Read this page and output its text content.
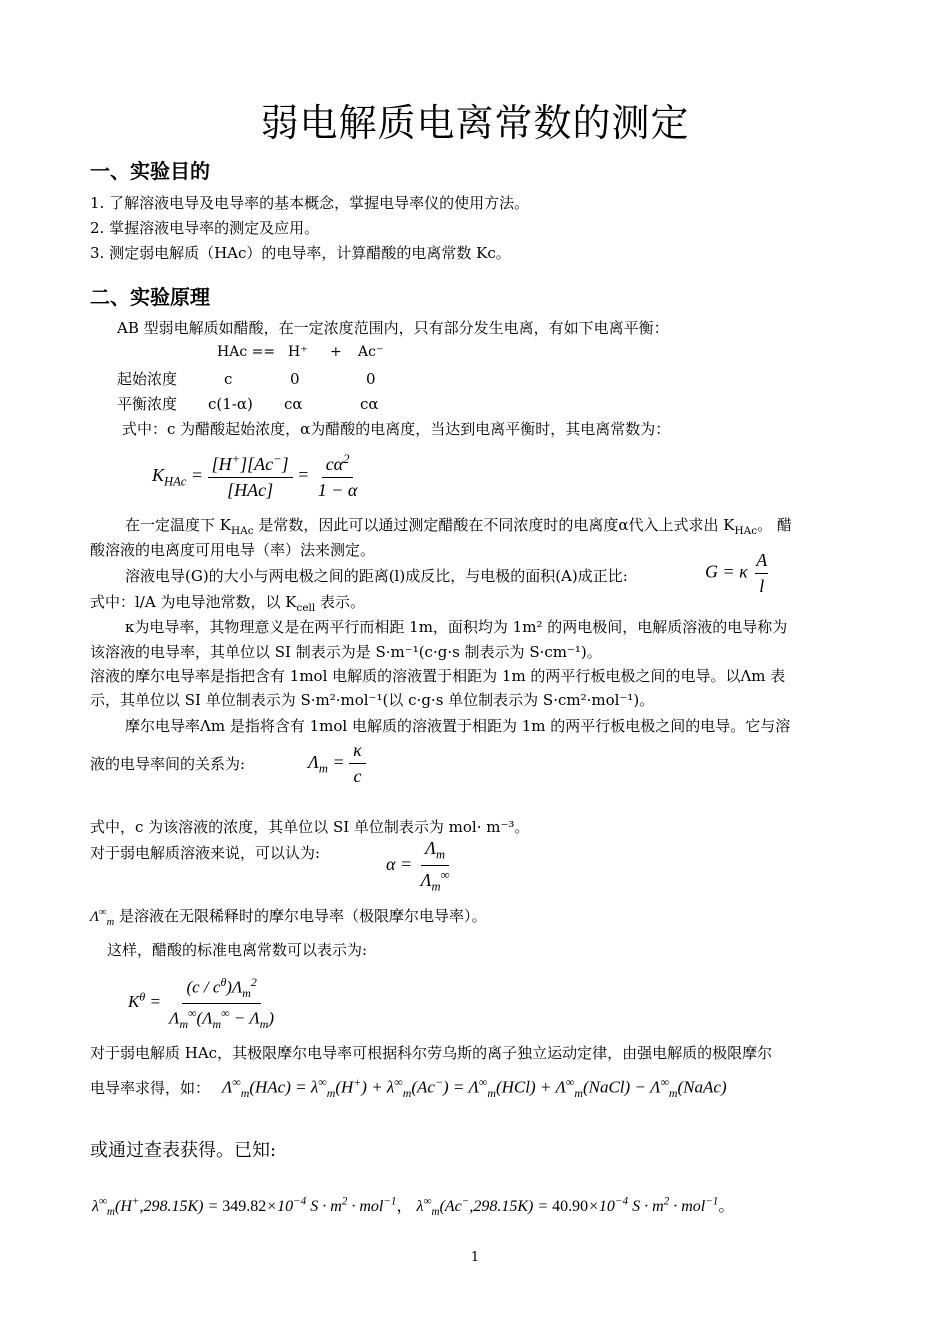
弱电解质电离常数的测定
一、实验目的
1. 了解溶液电导及电导率的基本概念，掌握电导率仪的使用方法。
2. 掌握溶液电导率的测定及应用。
3. 测定弱电解质（HAc）的电导率，计算醋酸的电离常数 Kc。
二、实验原理
AB 型弱电解质如醋酸，在一定浓度范围内，只有部分发生电离，有如下电离平衡：
HAc == H⁺ + Ac⁻
起始浓度	c	0	0
平衡浓度 c(1-α) cα	cα
式中：c 为醋酸起始浓度，α为醋酸的电离度，当达到电离平衡时，其电离常数为：
$K_{HAc} = \frac{[H^+][Ac^-]}{\text{[HAc]}} = \frac{c\alpha^2}{1 - \alpha}$
在一定温度下 $K_{HAc}$ 是常数，因此可以通过测定醋酸在不同浓度时的电离度α代入上式求出 $K_{HAc}$。 醋
酸溶液的电离度可用电导（率）法来测定。
溶液电导(G)的大小与两电极之间的距离(l)成反比，与电极的面积(A)成正比:	G = κ $\frac{A}{l}$
式中：l/A 为电导池常数，以 $K_{cell}$ 表示。
κ为电导率，其物理意义是在两平行而相距 1m，面积均为 1m² 的两电极间，电解质溶液的电导称为
该溶液的电导率，其单位以 SI 制表示为是 S·m⁻¹(c·g·s 制表示为 S·cm⁻¹)。
溶液的摩尔电导率是指把含有 1mol 电解质的溶液置于相距为 1m 的两平行板电极之间的电导。以Λm 表
示，其单位以 SI 单位制表示为 S·m²·mol⁻¹(以 c·g·s 单位制表示为 S·cm²·mol⁻¹)。
摩尔电导率Λm 是指将含有 1mol 电解质的溶液置于相距为 1m 的两平行板电极之间的电导。它与溶
液的电导率间的关系为:	$\Lambda_m = \frac{\kappa}{c}$
式中，c 为该溶液的浓度，其单位以 SI 单位制表示为 mol· m⁻³。
对于弱电解质溶液来说，可以认为:
$\alpha = \frac{\Lambda_m}{\Lambda_m^\infty}$
$\Lambda^\infty_m$ 是溶液在无限稀释时的摩尔电导率（极限摩尔电导率）。
这样，醋酸的标准电离常数可以表示为:
$K^\theta = \frac{(c / c^\theta)\Lambda_m^2}{\Lambda_m^\infty(\Lambda_m^\infty - \Lambda_m)}$
对于弱电解质 HAc，其极限摩尔电导率可根据科尔劳乌斯的离子独立运动定律，由强电解质的极限摩尔
电导率求得，如： $\Lambda^\infty_m(HAc) = \lambda^\infty_m(H^+) + \lambda^\infty_m(Ac^-) = \Lambda^\infty_m(HCl)$ + $\Lambda^\infty_m(NaCl)$ − $\Lambda^\infty_m(NaAc)$
或通过查表获得。已知:
$\lambda^\infty_m(H^+,298.15K) = 349.82\times 10^{-4}$ $S \cdot m^2 \cdot mol^{-1}$， $\lambda^\infty_m(Ac^-,298.15K) = 40.90\times 10^{-4}$ $S \cdot m^2 \cdot mol^{-1}$。
1
